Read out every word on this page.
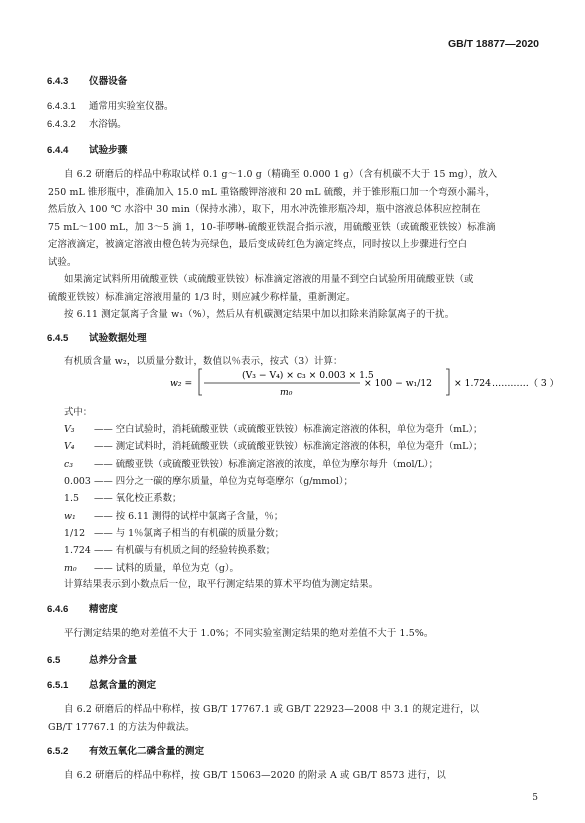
GB/T 18877—2020
6.4.3 仪器设备
6.4.3.1 通常用实验室仪器。
6.4.3.2 水浴锅。
6.4.4 试验步骤
自 6.2 研磨后的样品中称取试样 0.1 g～1.0 g（精确至 0.000 1 g）（含有机碳不大于 15 mg），放入
250 mL 锥形瓶中，准确加入 15.0 mL 重铬酸钾溶液和 20 mL 硫酸，并于锥形瓶口加一个弯颈小漏斗，
然后放入 100 ℃ 水浴中 30 min（保持水沸），取下，用水冲洗锥形瓶冷却，瓶中溶液总体积应控制在
75 mL～100 mL，加 3～5 滴 1，10-菲啰啉-硫酸亚铁混合指示液，用硫酸亚铁（或硫酸亚铁铵）标准滴
定溶液滴定，被滴定溶液由橙色转为亮绿色，最后变成砖红色为滴定终点，同时按以上步骤进行空白
试验。
如果滴定试料所用硫酸亚铁（或硫酸亚铁铵）标准滴定溶液的用量不到空白试验所用硫酸亚铁（或
硫酸亚铁铵）标准滴定溶液用量的 1/3 时，则应减少称样量，重新测定。
按 6.11 测定氯离子含量 w₁（%），然后从有机碳测定结果中加以扣除来消除氯离子的干扰。
6.4.5 试验数据处理
有机质含量 w₂，以质量分数计，数值以％表示，按式（3）计算：
w₂ =
(V₃ − V₄) × c₃ × 0.003 × 1.5
m₀
× 100 − w₁/12 × 1.724 …………（ 3 ）
式中：
V₃ —— 空白试验时，消耗硫酸亚铁（或硫酸亚铁铵）标准滴定溶液的体积，单位为毫升（mL）；
V₄ —— 测定试料时，消耗硫酸亚铁（或硫酸亚铁铵）标准滴定溶液的体积，单位为毫升（mL）；
c₃ —— 硫酸亚铁（或硫酸亚铁铵）标准滴定溶液的浓度，单位为摩尔每升（mol/L）；
0.003 —— 四分之一碳的摩尔质量，单位为克每毫摩尔（g/mmol）；
1.5 —— 氧化校正系数；
w₁ —— 按 6.11 测得的试样中氯离子含量，％；
1/12 —— 与 1％氯离子相当的有机碳的质量分数；
1.724 —— 有机碳与有机质之间的经验转换系数；
m₀ —— 试料的质量，单位为克（g）。
计算结果表示到小数点后一位，取平行测定结果的算术平均值为测定结果。
6.4.6 精密度
平行测定结果的绝对差值不大于 1.0%；不同实验室测定结果的绝对差值不大于 1.5%。
6.5	总养分含量
6.5.1 总氮含量的测定
自 6.2 研磨后的样品中称样，按 GB/T 17767.1 或 GB/T 22923—2008 中 3.1 的规定进行，以
GB/T 17767.1 的方法为仲裁法。
6.5.2 有效五氧化二磷含量的测定
自 6.2 研磨后的样品中称样，按 GB/T 15063—2020 的附录 A 或 GB/T 8573 进行，以
5
